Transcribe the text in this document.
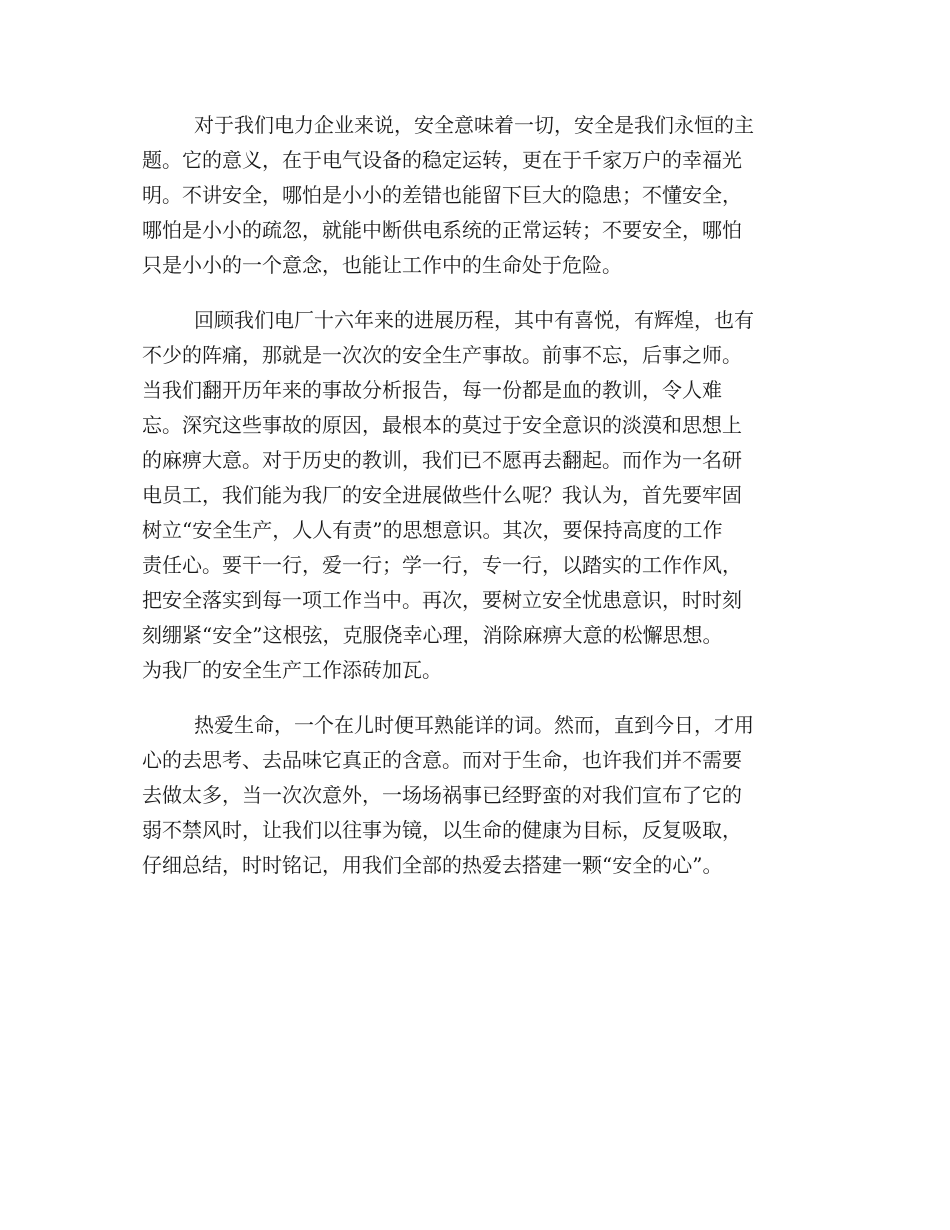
对于我们电力企业来说，安全意味着一切，安全是我们永恒的主
题。它的意义，在于电气设备的稳定运转，更在于千家万户的幸福光
明。不讲安全，哪怕是小小的差错也能留下巨大的隐患；不懂安全，
哪怕是小小的疏忽，就能中断供电系统的正常运转；不要安全，哪怕
只是小小的一个意念，也能让工作中的生命处于危险。
回顾我们电厂十六年来的进展历程，其中有喜悦，有辉煌，也有
不少的阵痛，那就是一次次的安全生产事故。前事不忘，后事之师。
当我们翻开历年来的事故分析报告，每一份都是血的教训，令人难
忘。深究这些事故的原因，最根本的莫过于安全意识的淡漠和思想上
的麻痹大意。对于历史的教训，我们已不愿再去翻起。而作为一名研
电员工，我们能为我厂的安全进展做些什么呢？我认为，首先要牢固
树立“安全生产，人人有责”的思想意识。其次，要保持高度的工作
责任心。要干一行，爱一行；学一行，专一行，以踏实的工作作风，
把安全落实到每一项工作当中。再次，要树立安全忧患意识，时时刻
刻绷紧“安全”这根弦，克服侥幸心理，消除麻痹大意的松懈思想。
为我厂的安全生产工作添砖加瓦。
热爱生命，一个在儿时便耳熟能详的词。然而，直到今日，才用
心的去思考、去品味它真正的含意。而对于生命，也许我们并不需要
去做太多，当一次次意外，一场场祸事已经野蛮的对我们宣布了它的
弱不禁风时，让我们以往事为镜，以生命的健康为目标，反复吸取，
仔细总结，时时铭记，用我们全部的热爱去搭建一颗“安全的心”。
